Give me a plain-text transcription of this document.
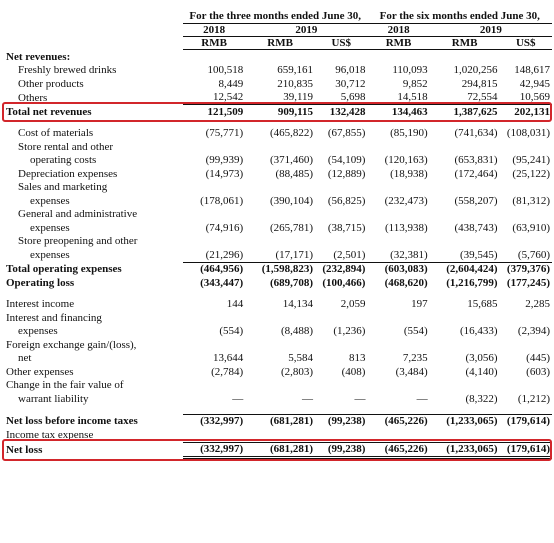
	For the three months ended June 30,			For the six months ended June 30,		
	2018	2019		2018	2019	
	RMB	RMB	US$	RMB	RMB	US$
Net revenues:						
Freshly brewed drinks	100,518	659,161	96,018	110,093	1,020,256	148,617
Other products	8,449	210,835	30,712	9,852	294,815	42,945
Others	12,542	39,119	5,698	14,518	72,554	10,569
Total net revenues	121,509	909,115	132,428	134,463	1,387,625	202,131

Cost of materials	(75,771)	(465,822)	(67,855)	(85,190)	(741,634)	(108,031)
Store rental and other						
operating costs	(99,939)	(371,460)	(54,109)	(120,163)	(653,831)	(95,241)
Depreciation expenses	(14,973)	(88,485)	(12,889)	(18,938)	(172,464)	(25,122)
Sales and marketing						
expenses	(178,061)	(390,104)	(56,825)	(232,473)	(558,207)	(81,312)
General and administrative						
expenses	(74,916)	(265,781)	(38,715)	(113,938)	(438,743)	(63,910)
Store preopening and other						
expenses	(21,296)	(17,171)	(2,501)	(32,381)	(39,545)	(5,760)
Total operating expenses	(464,956)	(1,598,823)	(232,894)	(603,083)	(2,604,424)	(379,376)
Operating loss	(343,447)	(689,708)	(100,466)	(468,620)	(1,216,799)	(177,245)

Interest income	144	14,134	2,059	197	15,685	2,285
Interest and financing						
expenses	(554)	(8,488)	(1,236)	(554)	(16,433)	(2,394)
Foreign exchange gain/(loss),						
net	13,644	5,584	813	7,235	(3,056)	(445)
Other expenses	(2,784)	(2,803)	(408)	(3,484)	(4,140)	(603)
Change in the fair value of						
warrant liability	—	—	—	—	(8,322)	(1,212)

Net loss before income taxes	(332,997)	(681,281)	(99,238)	(465,226)	(1,233,065)	(179,614)
Income tax expense						
Net loss	(332,997)	(681,281)	(99,238)	(465,226)	(1,233,065)	(179,614)
